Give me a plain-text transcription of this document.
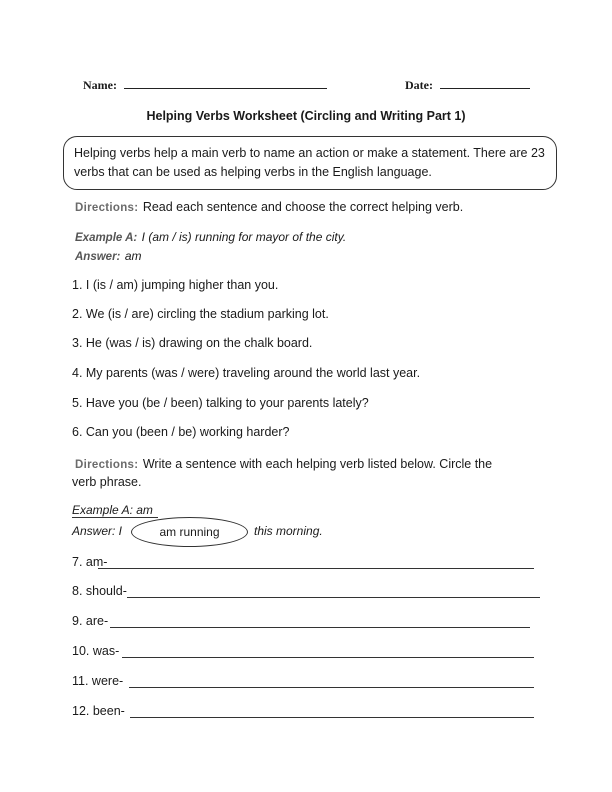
Name:	Date:
Helping Verbs Worksheet (Circling and Writing Part 1)
Helping verbs help a main verb to name an action or make a statement. There are 23 verbs that can be used as helping verbs in the English language.
Directions: Read each sentence and choose the correct helping verb.
Example A: I (am / is) running for mayor of the city.
Answer: am
1. I (is / am) jumping higher than you.
2. We (is / are) circling the stadium parking lot.
3. He (was / is) drawing on the chalk board.
4. My parents (was / were) traveling around the world last year.
5. Have you (be / been) talking to your parents lately?
6. Can you (been / be) working harder?
Directions: Write a sentence with each helping verb listed below. Circle the
verb phrase.
Example A: am
Answer: I	am running	this morning.
7. am-
8. should-
9. are-
10. was-
11. were-
12. been-
